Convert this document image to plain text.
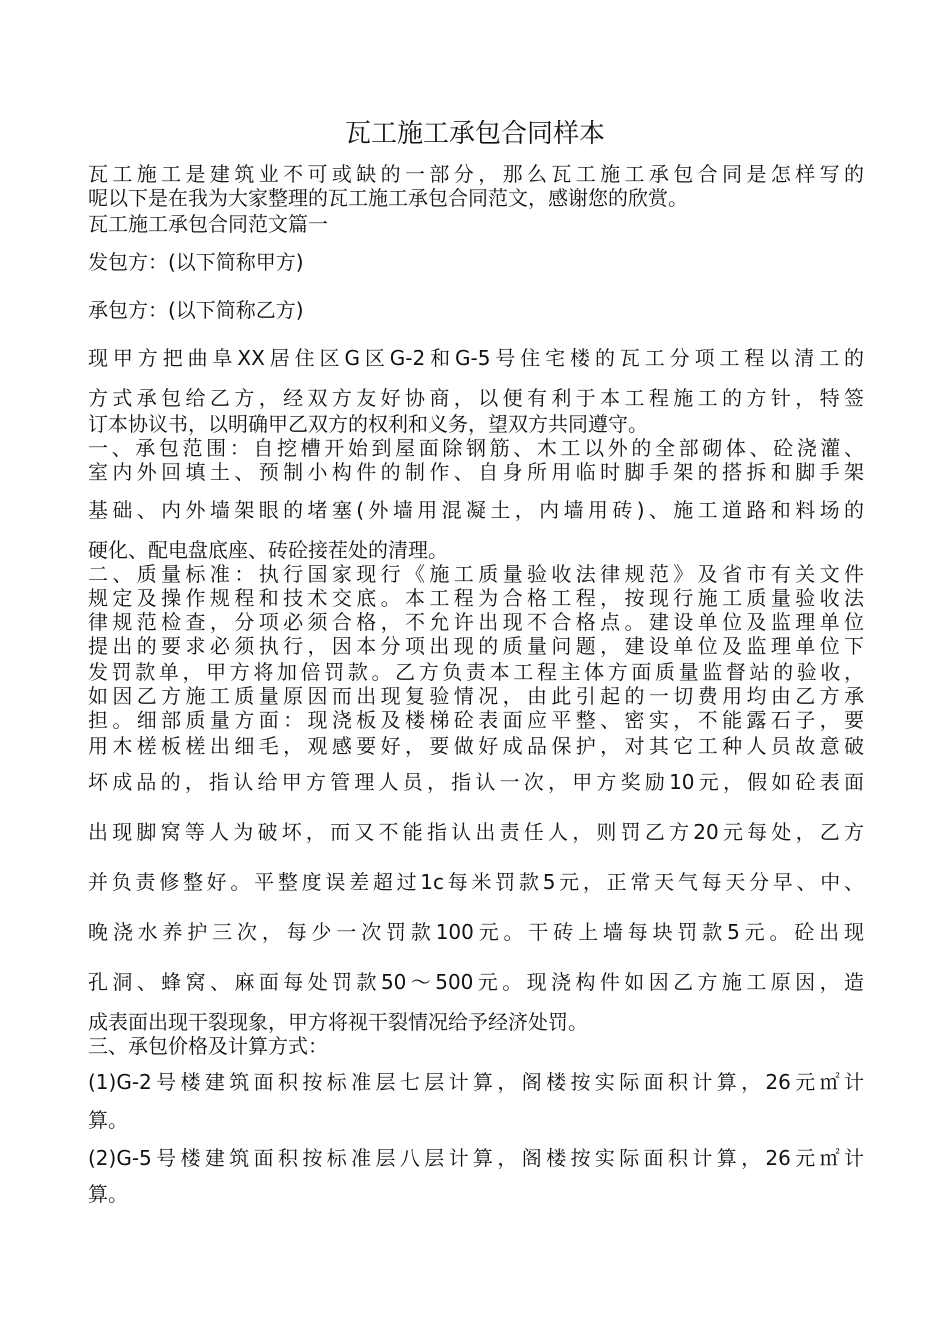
瓦工施工承包合同样本
瓦工施工是建筑业不可或缺的一部分，那么瓦工施工承包合同是怎样写的
呢以下是在我为大家整理的瓦工施工承包合同范文，感谢您的欣赏。
瓦工施工承包合同范文篇一
发包方：(以下简称甲方)
承包方：(以下简称乙方)
现甲方把曲阜XX居住区G区G-2和G-5号住宅楼的瓦工分项工程以清工的
方式承包给乙方，经双方友好协商，以便有利于本工程施工的方针，特签
订本协议书，以明确甲乙双方的权利和义务，望双方共同遵守。
一、承包范围：自挖槽开始到屋面除钢筋、木工以外的全部砌体、砼浇灌、
室内外回填土、预制小构件的制作、自身所用临时脚手架的搭拆和脚手架
基础、内外墙架眼的堵塞(外墙用混凝土，内墙用砖)、施工道路和料场的
硬化、配电盘底座、砖砼接茬处的清理。
二、质量标准：执行国家现行《施工质量验收法律规范》及省市有关文件
规定及操作规程和技术交底。本工程为合格工程，按现行施工质量验收法
律规范检查，分项必须合格，不允许出现不合格点。建设单位及监理单位
提出的要求必须执行，因本分项出现的质量问题，建设单位及监理单位下
发罚款单，甲方将加倍罚款。乙方负责本工程主体方面质量监督站的验收，
如因乙方施工质量原因而出现复验情况，由此引起的一切费用均由乙方承
担。细部质量方面：现浇板及楼梯砼表面应平整、密实，不能露石子，要
用木槎板槎出细毛，观感要好，要做好成品保护，对其它工种人员故意破
坏成品的，指认给甲方管理人员，指认一次，甲方奖励10元，假如砼表面
出现脚窝等人为破坏，而又不能指认出责任人，则罚乙方20元每处，乙方
并负责修整好。平整度误差超过1c每米罚款5元，正常天气每天分早、中、
晚浇水养护三次，每少一次罚款100元。干砖上墙每块罚款5元。砼出现
孔洞、蜂窝、麻面每处罚款50～500元。现浇构件如因乙方施工原因，造
成表面出现干裂现象，甲方将视干裂情况给予经济处罚。
三、承包价格及计算方式：
(1)G-2号楼建筑面积按标准层七层计算，阁楼按实际面积计算，26元㎡计
算。
(2)G-5号楼建筑面积按标准层八层计算，阁楼按实际面积计算，26元㎡计
算。
